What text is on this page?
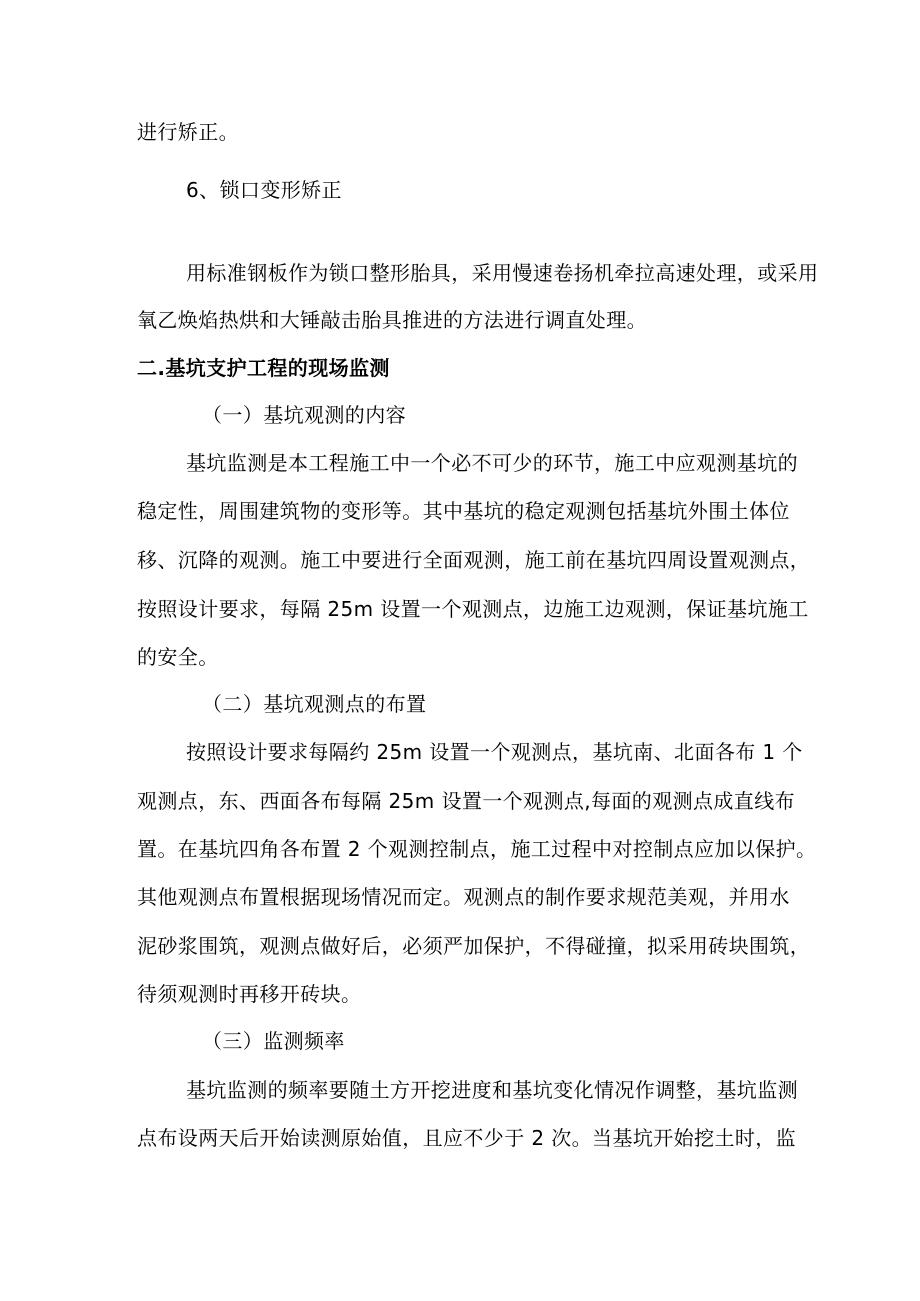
进行矫正。
6、锁口变形矫正
用标准钢板作为锁口整形胎具，采用慢速卷扬机牵拉高速处理，或采用
氧乙焕焰热烘和大锤敲击胎具推进的方法进行调直处理。
二.基坑支护工程的现场监测
（一）基坑观测的内容
基坑监测是本工程施工中一个必不可少的环节，施工中应观测基坑的
稳定性，周围建筑物的变形等。其中基坑的稳定观测包括基坑外围土体位
移、沉降的观测。施工中要进行全面观测，施工前在基坑四周设置观测点，
按照设计要求，每隔 25m 设置一个观测点，边施工边观测，保证基坑施工
的安全。
（二）基坑观测点的布置
按照设计要求每隔约 25m 设置一个观测点，基坑南、北面各布 1 个
观测点，东、西面各布每隔 25m 设置一个观测点,每面的观测点成直线布
置。在基坑四角各布置 2 个观测控制点，施工过程中对控制点应加以保护。
其他观测点布置根据现场情况而定。观测点的制作要求规范美观，并用水
泥砂浆围筑，观测点做好后，必须严加保护，不得碰撞，拟采用砖块围筑，
待须观测时再移开砖块。
（三）监测频率
基坑监测的频率要随土方开挖进度和基坑变化情况作调整，基坑监测
点布设两天后开始读测原始值，且应不少于 2 次。当基坑开始挖土时，监
